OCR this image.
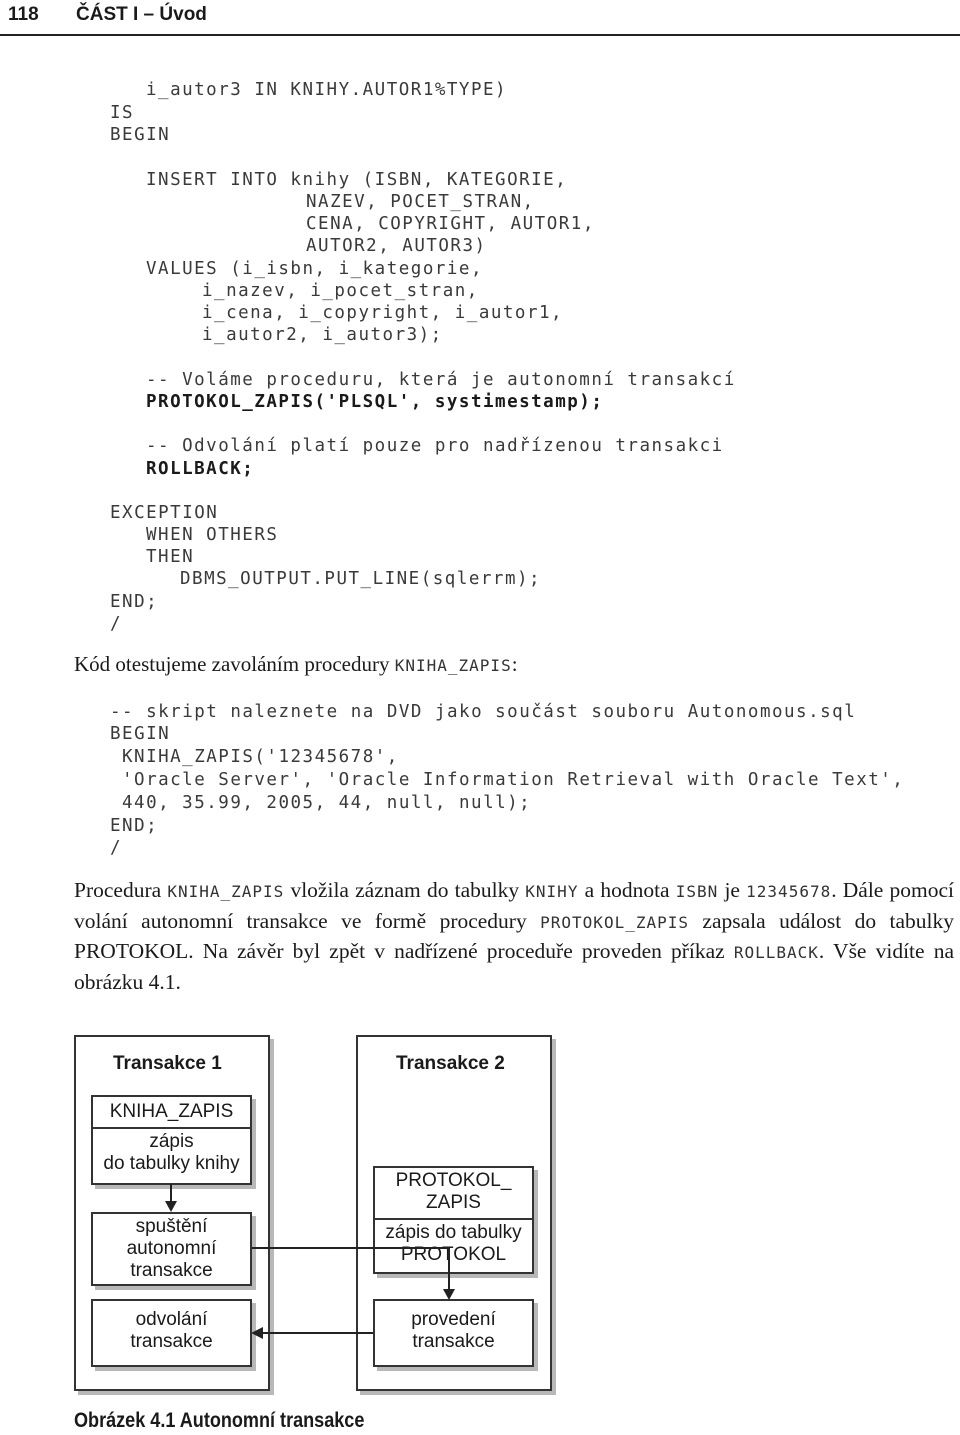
118 ČÁST I – Úvod
i_autor3 IN KNIHY.AUTOR1%TYPE)
IS
BEGIN
INSERT INTO knihy (ISBN, KATEGORIE,
NAZEV, POCET_STRAN,
CENA, COPYRIGHT, AUTOR1,
AUTOR2, AUTOR3)
VALUES (i_isbn, i_kategorie,
i_nazev, i_pocet_stran,
i_cena, i_copyright, i_autor1,
i_autor2, i_autor3);
-- Voláme proceduru, která je autonomní transakcí
PROTOKOL_ZAPIS('PLSQL', systimestamp);
-- Odvolání platí pouze pro nadřízenou transakci
ROLLBACK;
EXCEPTION
WHEN OTHERS
THEN
DBMS_OUTPUT.PUT_LINE(sqlerrm);
END;
/
Kód otestujeme zavoláním procedury KNIHA_ZAPIS:
-- skript naleznete na DVD jako součást souboru Autonomous.sql
BEGIN
KNIHA_ZAPIS('12345678',
'Oracle Server', 'Oracle Information Retrieval with Oracle Text',
440, 35.99, 2005, 44, null, null);
END;
/
Procedura KNIHA_ZAPIS vložila záznam do tabulky KNIHY a hodnota ISBN je 12345678. Dále pomocí volání autonomní transakce ve formě procedury PROTOKOL_ZAPIS zapsala událost do tabulky PROTOKOL. Na závěr byl zpět v nadřízené proceduře proveden příkaz ROLLBACK. Vše vidíte na obrázku 4.1.
Transakce 1	Transakce 2
KNIHA_ZAPIS
zápis
do tabulky knihy
spuštění
autonomní
transakce
odvolání
transakce
PROTOKOL_
ZAPIS
zápis do tabulky
PROTOKOL
provedení
transakce
Obrázek 4.1 Autonomní transakce
